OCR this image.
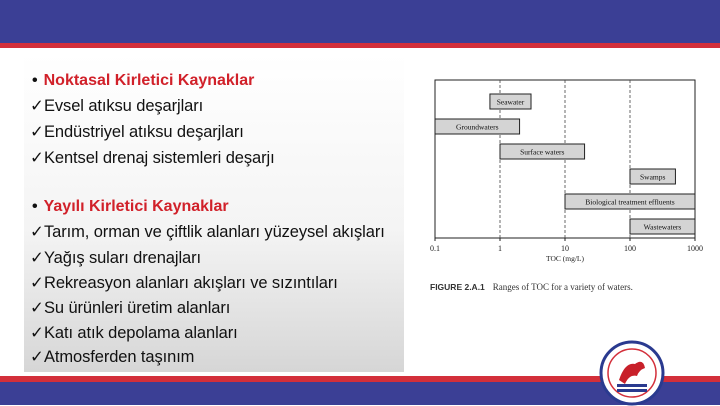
• Noktasal Kirletici Kaynaklar
✓Evsel atıksu deşarjları
✓Endüstriyel atıksu deşarjları
✓Kentsel drenaj sistemleri deşarjı
• Yayılı Kirletici Kaynaklar
✓Tarım, orman ve çiftlik alanları yüzeysel akışları
✓Yağış suları drenajları
✓Rekreasyon alanları akışları ve sızıntıları
✓Su ürünleri üretim alanları
✓Katı atık depolama alanları
✓Atmosferden taşınım
0.1	1	10	100	1000
TOC (mg/L)
Seawater
Groundwaters
Surface waters
Swamps
Biological treatment effluents
Wastewaters
FIGURE 2.A.1 Ranges of TOC for a variety of waters.
